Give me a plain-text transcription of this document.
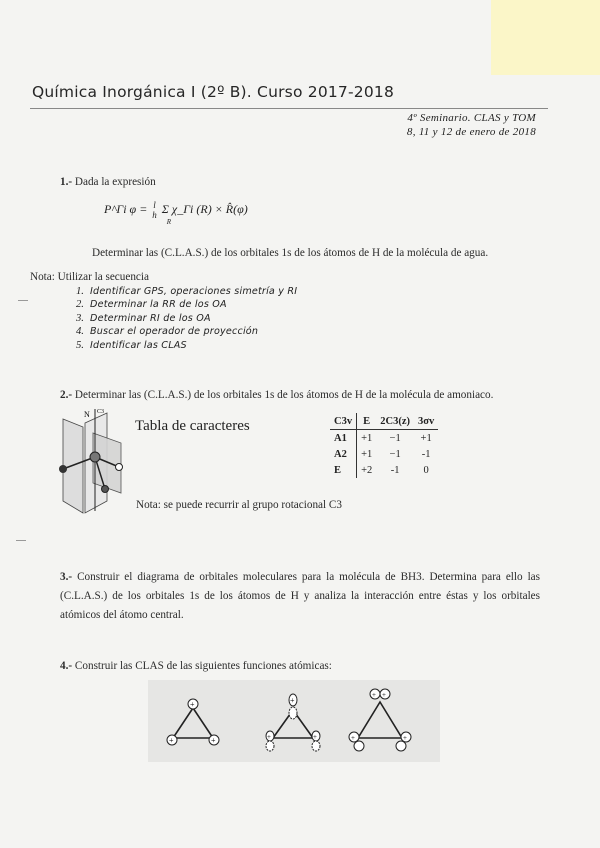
Química Inorgánica I (2º B). Curso 2017-2018
4º Seminario. CLAS y TOM
8, 11 y 12 de enero de 2018
1.- Dada la expresión
P^Γi φ = l
h Σ χ_Γi (R) × R̂(φ) $_R$
Determinar las (C.L.A.S.) de los orbitales 1s de los átomos de H de la molécula de agua.
Nota: Utilizar la secuencia
1. Identificar GPS, operaciones simetría y RI
2. Determinar la RR de los OA
3. Determinar RI de los OA
4. Buscar el operador de proyección
5. Identificar las CLAS
2.- Determinar las (C.L.A.S.) de los orbitales 1s de los átomos de H de la molécula de amoniaco.
N C3
Tabla de caracteres	C3v	E	2C3(z)	3σv
A1	+1	−1	+1
A2	+1	−1	-1
E	+2	-1	0
Nota: se puede recurrir al grupo rotacional C3
3.- Construir el diagrama de orbitales moleculares para la molécula de BH3. Determina para ello las (C.L.A.S.) de los orbitales 1s de los átomos de H y analiza la interacción entre éstas y los orbitales atómicos del átomo central.
4.- Construir las CLAS de las siguientes funciones atómicas:
+
+	+
+
+	+
+ +
+	+
